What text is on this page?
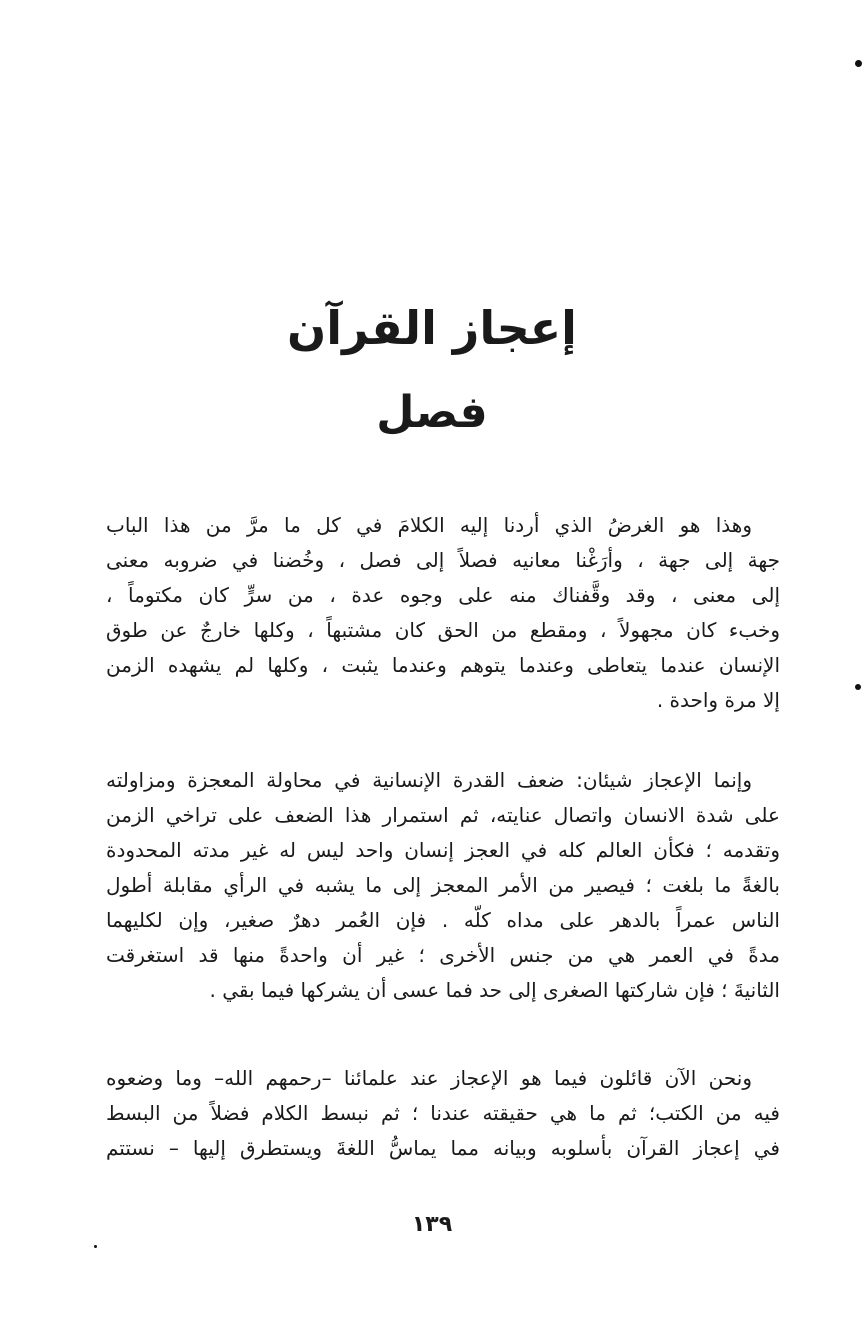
إعجاز القرآن
فصل
وهذا هو الغرضُ الذي أردنا إليه الكلامَ في كل ما مرَّ من هذا الباب
جهة إلى جهة ، وأرَغْنا معانيه فصلاً إلى فصل ، وخُضنا في ضروبه معنى
إلى معنى ، وقد وقَّفناك منه على وجوه عدة ، من سرٍّ كان مكتوماً ،
وخبء كان مجهولاً ، ومقطع من الحق كان مشتبهاً ، وكلها خارجٌ عن طوق
الإنسان عندما يتعاطى وعندما يتوهم وعندما يثبت ، وكلها لم يشهده الزمن
إلا مرة واحدة .
وإنما الإعجاز شيئان: ضعف القدرة الإنسانية في محاولة المعجزة ومزاولته
على شدة الانسان واتصال عنايته، ثم استمرار هذا الضعف على تراخي الزمن
وتقدمه ؛ فكأن العالم كله في العجز إنسان واحد ليس له غير مدته المحدودة
بالغةً ما بلغت ؛ فيصير من الأمر المعجز إلى ما يشبه في الرأي مقابلة أطول
الناس عمراً بالدهر على مداه كلّه . فإن العُمر دهرٌ صغير، وإن لكليهما
مدةً في العمر هي من جنس الأخرى ؛ غير أن واحدةً منها قد استغرقت
الثانيةَ ؛ فإن شاركتها الصغرى إلى حد فما عسى أن يشركها فيما بقي .
ونحن الآن قائلون فيما هو الإعجاز عند علمائنا –رحمهم الله– وما وضعوه
فيه من الكتب؛ ثم ما هي حقيقته عندنا ؛ ثم نبسط الكلام فضلاً من البسط
في إعجاز القرآن بأسلوبه وبيانه مما يماسُّ اللغةَ ويستطرق إليها – نستتم
١٣٩
